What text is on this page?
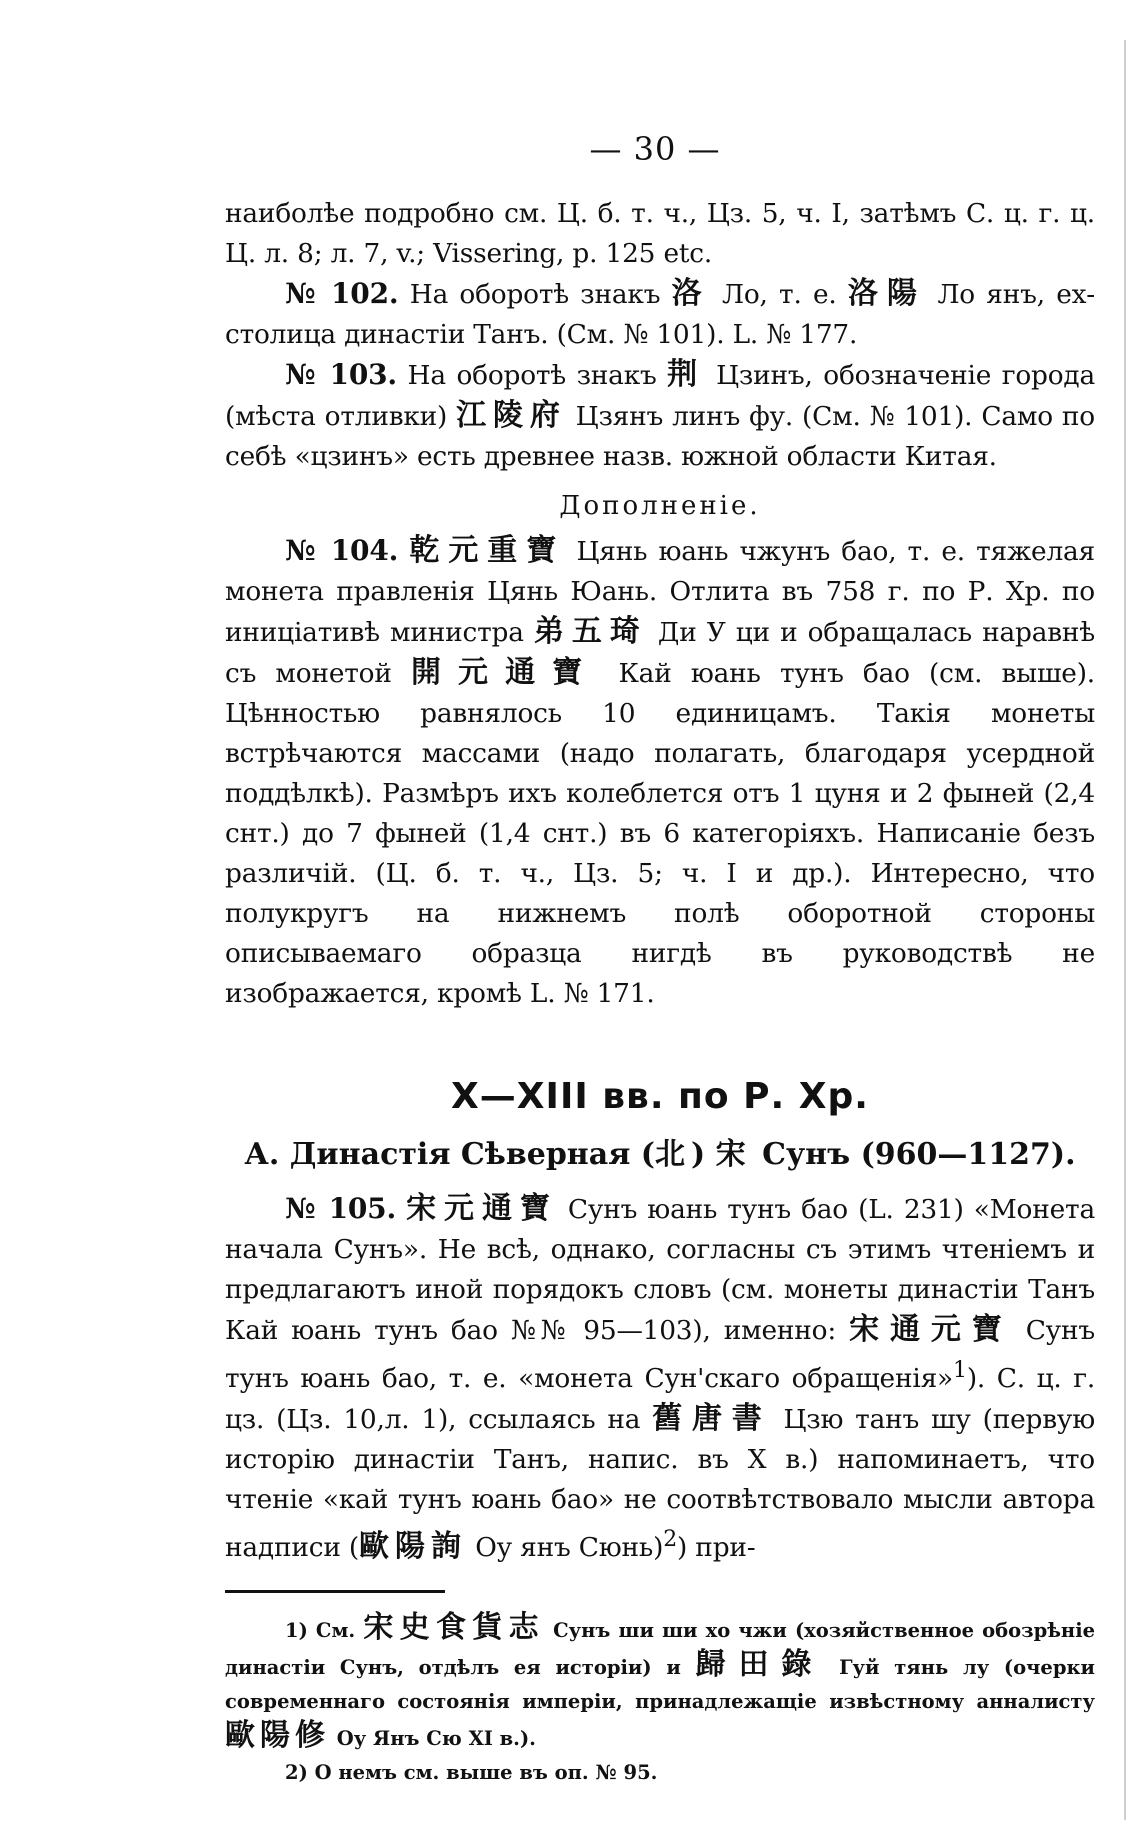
— 30 —

наиболѣе подробно см. Ц. б. т. ч., Цз. 5, ч. I, затѣмъ С. ц. г. ц. Ц. л. 8; л. 7, v.; Vissering, p. 125 etc.

№ 102. На оборотѣ знакъ 洛 Ло, т. е. 洛陽 Ло янъ, ех-столица династіи Танъ. (См. № 101). L. № 177.

№ 103. На оборотѣ знакъ 荆 Цзинъ, обозначеніе города (мѣста отливки) 江陵府 Цзянъ линъ фу. (См. № 101). Само по себѣ «цзинъ» есть древнее назв. южной области Китая.

Дополненіе.

№ 104. 乾元重寶 Цянь юань чжунъ бао, т. е. тяжелая монета правленія Цянь Юань. Отлита въ 758 г. по Р. Хр. по иниціативѣ министра 弟五琦 Ди У ци и обращалась наравнѣ съ монетой 開元通寶 Кай юань тунъ бао (см. выше). Цѣнностью равнялось 10 единицамъ. Такія монеты встрѣчаются массами (надо полагать, благодаря усердной поддѣлкѣ). Размѣръ ихъ колеблется отъ 1 цуня и 2 фыней (2,4 снт.) до 7 фыней (1,4 снт.) въ 6 категоріяхъ. Написаніе безъ различій. (Ц. б. т. ч., Цз. 5; ч. I и др.). Интересно, что полукругъ на нижнемъ полѣ оборотной стороны описываемаго образца нигдѣ въ руководствѣ не изображается, кромѣ L. № 171.

X—XIII вв. по Р. Хр.
А. Династія Сѣверная (北) 宋 Сунъ (960—1127).

№ 105. 宋元通寶 Сунъ юань тунъ бао (L. 231) «Монета начала Сунъ». Не всѣ, однако, согласны съ этимъ чтеніемъ и предлагаютъ иной порядокъ словъ (см. монеты династіи Танъ Кай юань тунъ бао №№ 95—103), именно: 宋通元寶 Сунъ тунъ юань бао, т. е. «монета Сун'скаго обращенія»$^1$). С. ц. г. цз. (Цз. 10,л. 1), ссылаясь на 舊唐書 Цзю танъ шу (первую исторію династіи Танъ, напис. въ X в.) напоминаетъ, что чтеніе «кай тунъ юань бао» не соотвѣтствовало мысли автора надписи (歐陽詢 Оу янъ Сюнь)$^2$) при-

1) См. 宋史食貨志 Сунъ ши ши хо чжи (хозяйственное обозрѣніе династіи Сунъ, отдѣлъ ея исторіи) и 歸田錄 Гуй тянь лу (очерки современнаго состоянія имперіи, принадлежащіе извѣстному анналисту 歐陽修 Оу Янъ Сю XI в.).

2) О немъ см. выше въ оп. № 95.
